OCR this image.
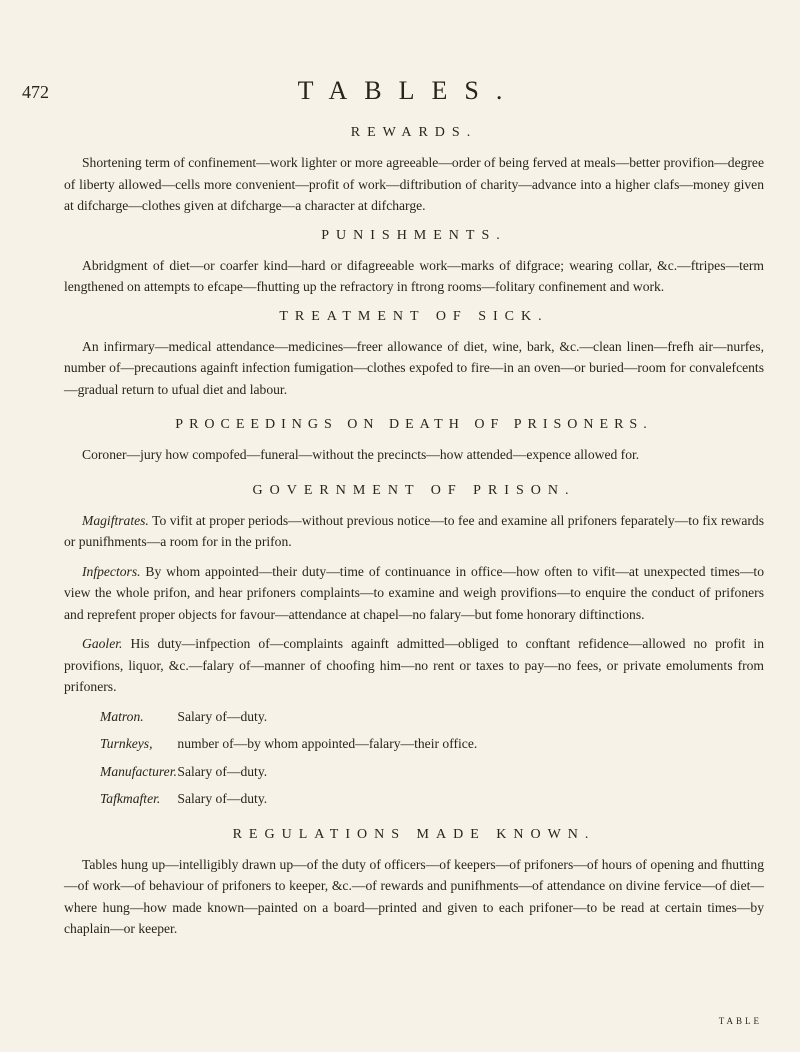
472	TABLES.
REWARDS.

Shortening term of confinement—work lighter or more agreeable—order of being ferved at meals—better provifion—degree of liberty allowed—cells more convenient—profit of work—diftribution of charity—advance into a higher clafs—money given at difcharge—clothes given at difcharge—a character at difcharge.

PUNISHMENTS.

Abridgment of diet—or coarfer kind—hard or difagreeable work—marks of difgrace; wearing collar, &c.—ftripes—term lengthened on attempts to efcape—fhutting up the refractory in ftrong rooms—folitary confinement and work.

TREATMENT OF SICK.

An infirmary—medical attendance—medicines—freer allowance of diet, wine, bark, &c.—clean linen—frefh air—nurfes, number of—precautions againft infection fumigation—clothes expofed to fire—in an oven—or buried—room for convalefcents—gradual return to ufual diet and labour.

PROCEEDINGS ON DEATH OF PRISONERS.

Coroner—jury how compofed—funeral—without the precincts—how attended—expence allowed for.

GOVERNMENT OF PRISON.

Magiftrates. To vifit at proper periods—without previous notice—to fee and examine all prifoners feparately—to fix rewards or punifhments—a room for in the prifon.

Infpectors. By whom appointed—their duty—time of continuance in office—how often to vifit—at unexpected times—to view the whole prifon, and hear prifoners complaints—to examine and weigh provifions—to enquire the conduct of prifoners and reprefent proper objects for favour—attendance at chapel—no falary—but fome honorary diftinctions.

Gaoler. His duty—infpection of—complaints againft admitted—obliged to conftant refidence—allowed no profit in provifions, liquor, &c.—falary of—manner of choofing him—no rent or taxes to pay—no fees, or private emoluments from prifoners.

Matron. Salary of—duty.

Turnkeys, number of—by whom appointed—falary—their office.

Manufacturer. Salary of—duty.

Tafkmafter. Salary of—duty.

REGULATIONS MADE KNOWN.

Tables hung up—intelligibly drawn up—of the duty of officers—of keepers—of prifoners—of hours of opening and fhutting—of work—of behaviour of prifoners to keeper, &c.—of rewards and punifhments—of attendance on divine fervice—of diet—where hung—how made known—painted on a board—printed and given to each prifoner—to be read at certain times—by chaplain—or keeper.

TABLE
